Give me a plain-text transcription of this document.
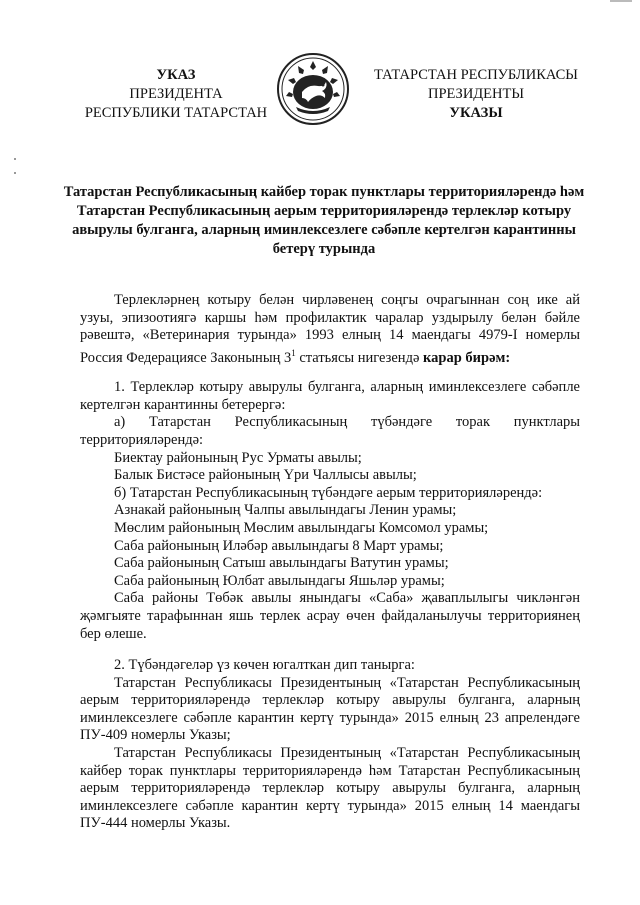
УКАЗ
ПРЕЗИДЕНТА
РЕСПУБЛИКИ ТАТАРСТАН
ТАТАРСТАН РЕСПУБЛИКАСЫ
ПРЕЗИДЕНТЫ
УКАЗЫ
Татарстан Республикасының кайбер торак пунктлары территорияләрендә һәм Татарстан Республикасының аерым территорияләрендә терлекләр котыру авырулы булганга, аларның иминлексезлеге сәбәпле кертелгән карантинны бетерү турында

Терлекләрнең котыру белән чирләвенең соңгы очрагыннан соң ике ай узуы, эпизоотиягә каршы һәм профилактик чаралар уздырылу белән бәйле рәвештә, «Ветеринария турында» 1993 елның 14 маендагы 4979-I номерлы Россия Федерациясе Законының $3^1$ статьясы нигезендә карар бирәм:

1. Терлекләр котыру авырулы булганга, аларның иминлексезлеге сәбәпле кертелгән карантинны бетерергә:

а) Татарстан Республикасының түбәндәге торак пунктлары территорияләрендә:

Биектау районының Рус Урматы авылы;

Балык Бистәсе районының Үри Чаллысы авылы;

б) Татарстан Республикасының түбәндәге аерым территорияләрендә:

Азнакай районының Чалпы авылындагы Ленин урамы;

Мөслим районының Мөслим авылындагы Комсомол урамы;

Саба районының Иләбәр авылындагы 8 Март урамы;

Саба районының Сатыш авылындагы Ватутин урамы;

Саба районының Юлбат авылындагы Яшьләр урамы;

Саба районы Төбәк авылы янындагы «Саба» җаваплылыгы чикләнгән җәмгыяте тарафыннан яшь терлек асрау өчен файдаланылучы территориянең бер өлеше.

2. Түбәндәгеләр үз көчен югалткан дип танырга:

Татарстан Республикасы Президентының «Татарстан Республикасының аерым территорияләрендә терлекләр котыру авырулы булганга, аларның иминлексезлеге сәбәпле карантин кертү турында» 2015 елның 23 апрелендәге ПУ-409 номерлы Указы;

Татарстан Республикасы Президентының «Татарстан Республикасының кайбер торак пунктлары территорияләрендә һәм Татарстан Республикасының аерым территорияләрендә терлекләр котыру авырулы булганга, аларның иминлексезлеге сәбәпле карантин кертү турында» 2015 елның 14 маендагы ПУ-444 номерлы Указы.
